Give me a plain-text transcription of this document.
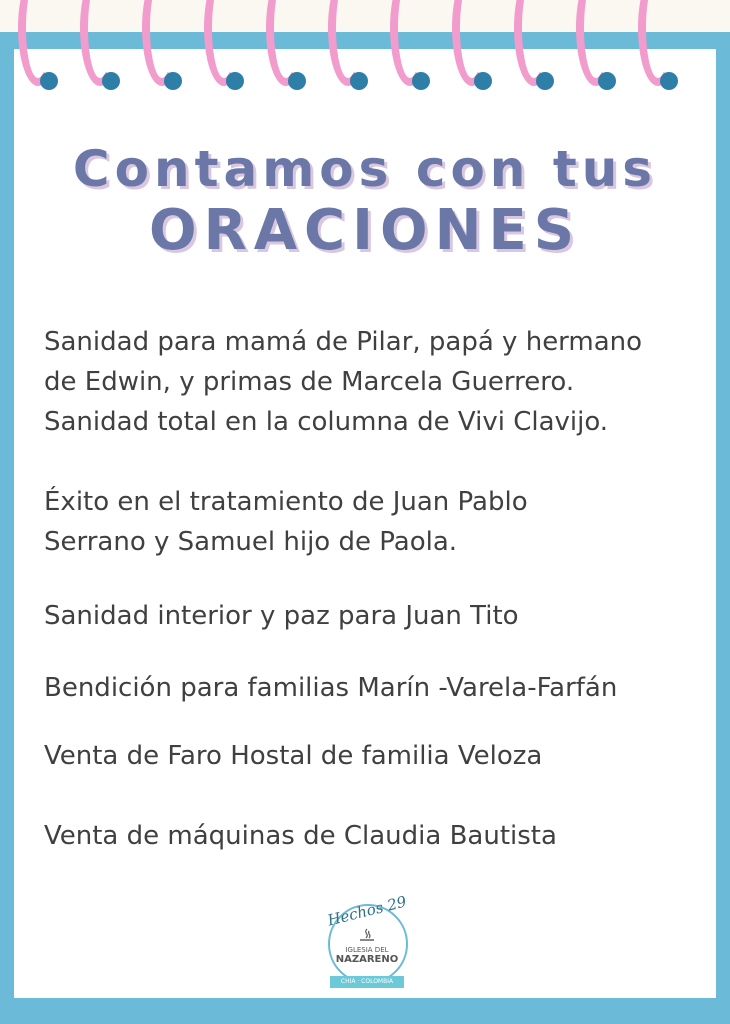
Contamos con tus
ORACIONES
Sanidad para mamá de Pilar, papá y hermano
de Edwin, y primas de Marcela Guerrero.
Sanidad total en la columna de Vivi Clavijo.
Éxito en el tratamiento de Juan Pablo
Serrano y Samuel hijo de Paola.
Sanidad interior y paz para Juan Tito
Bendición para familias Marín -Varela-Farfán
Venta de Faro Hostal de familia Veloza
Venta de máquinas de Claudia Bautista
Hechos 29
IGLESIA DEL
NAZARENO
CHIA · COLOMBIA
